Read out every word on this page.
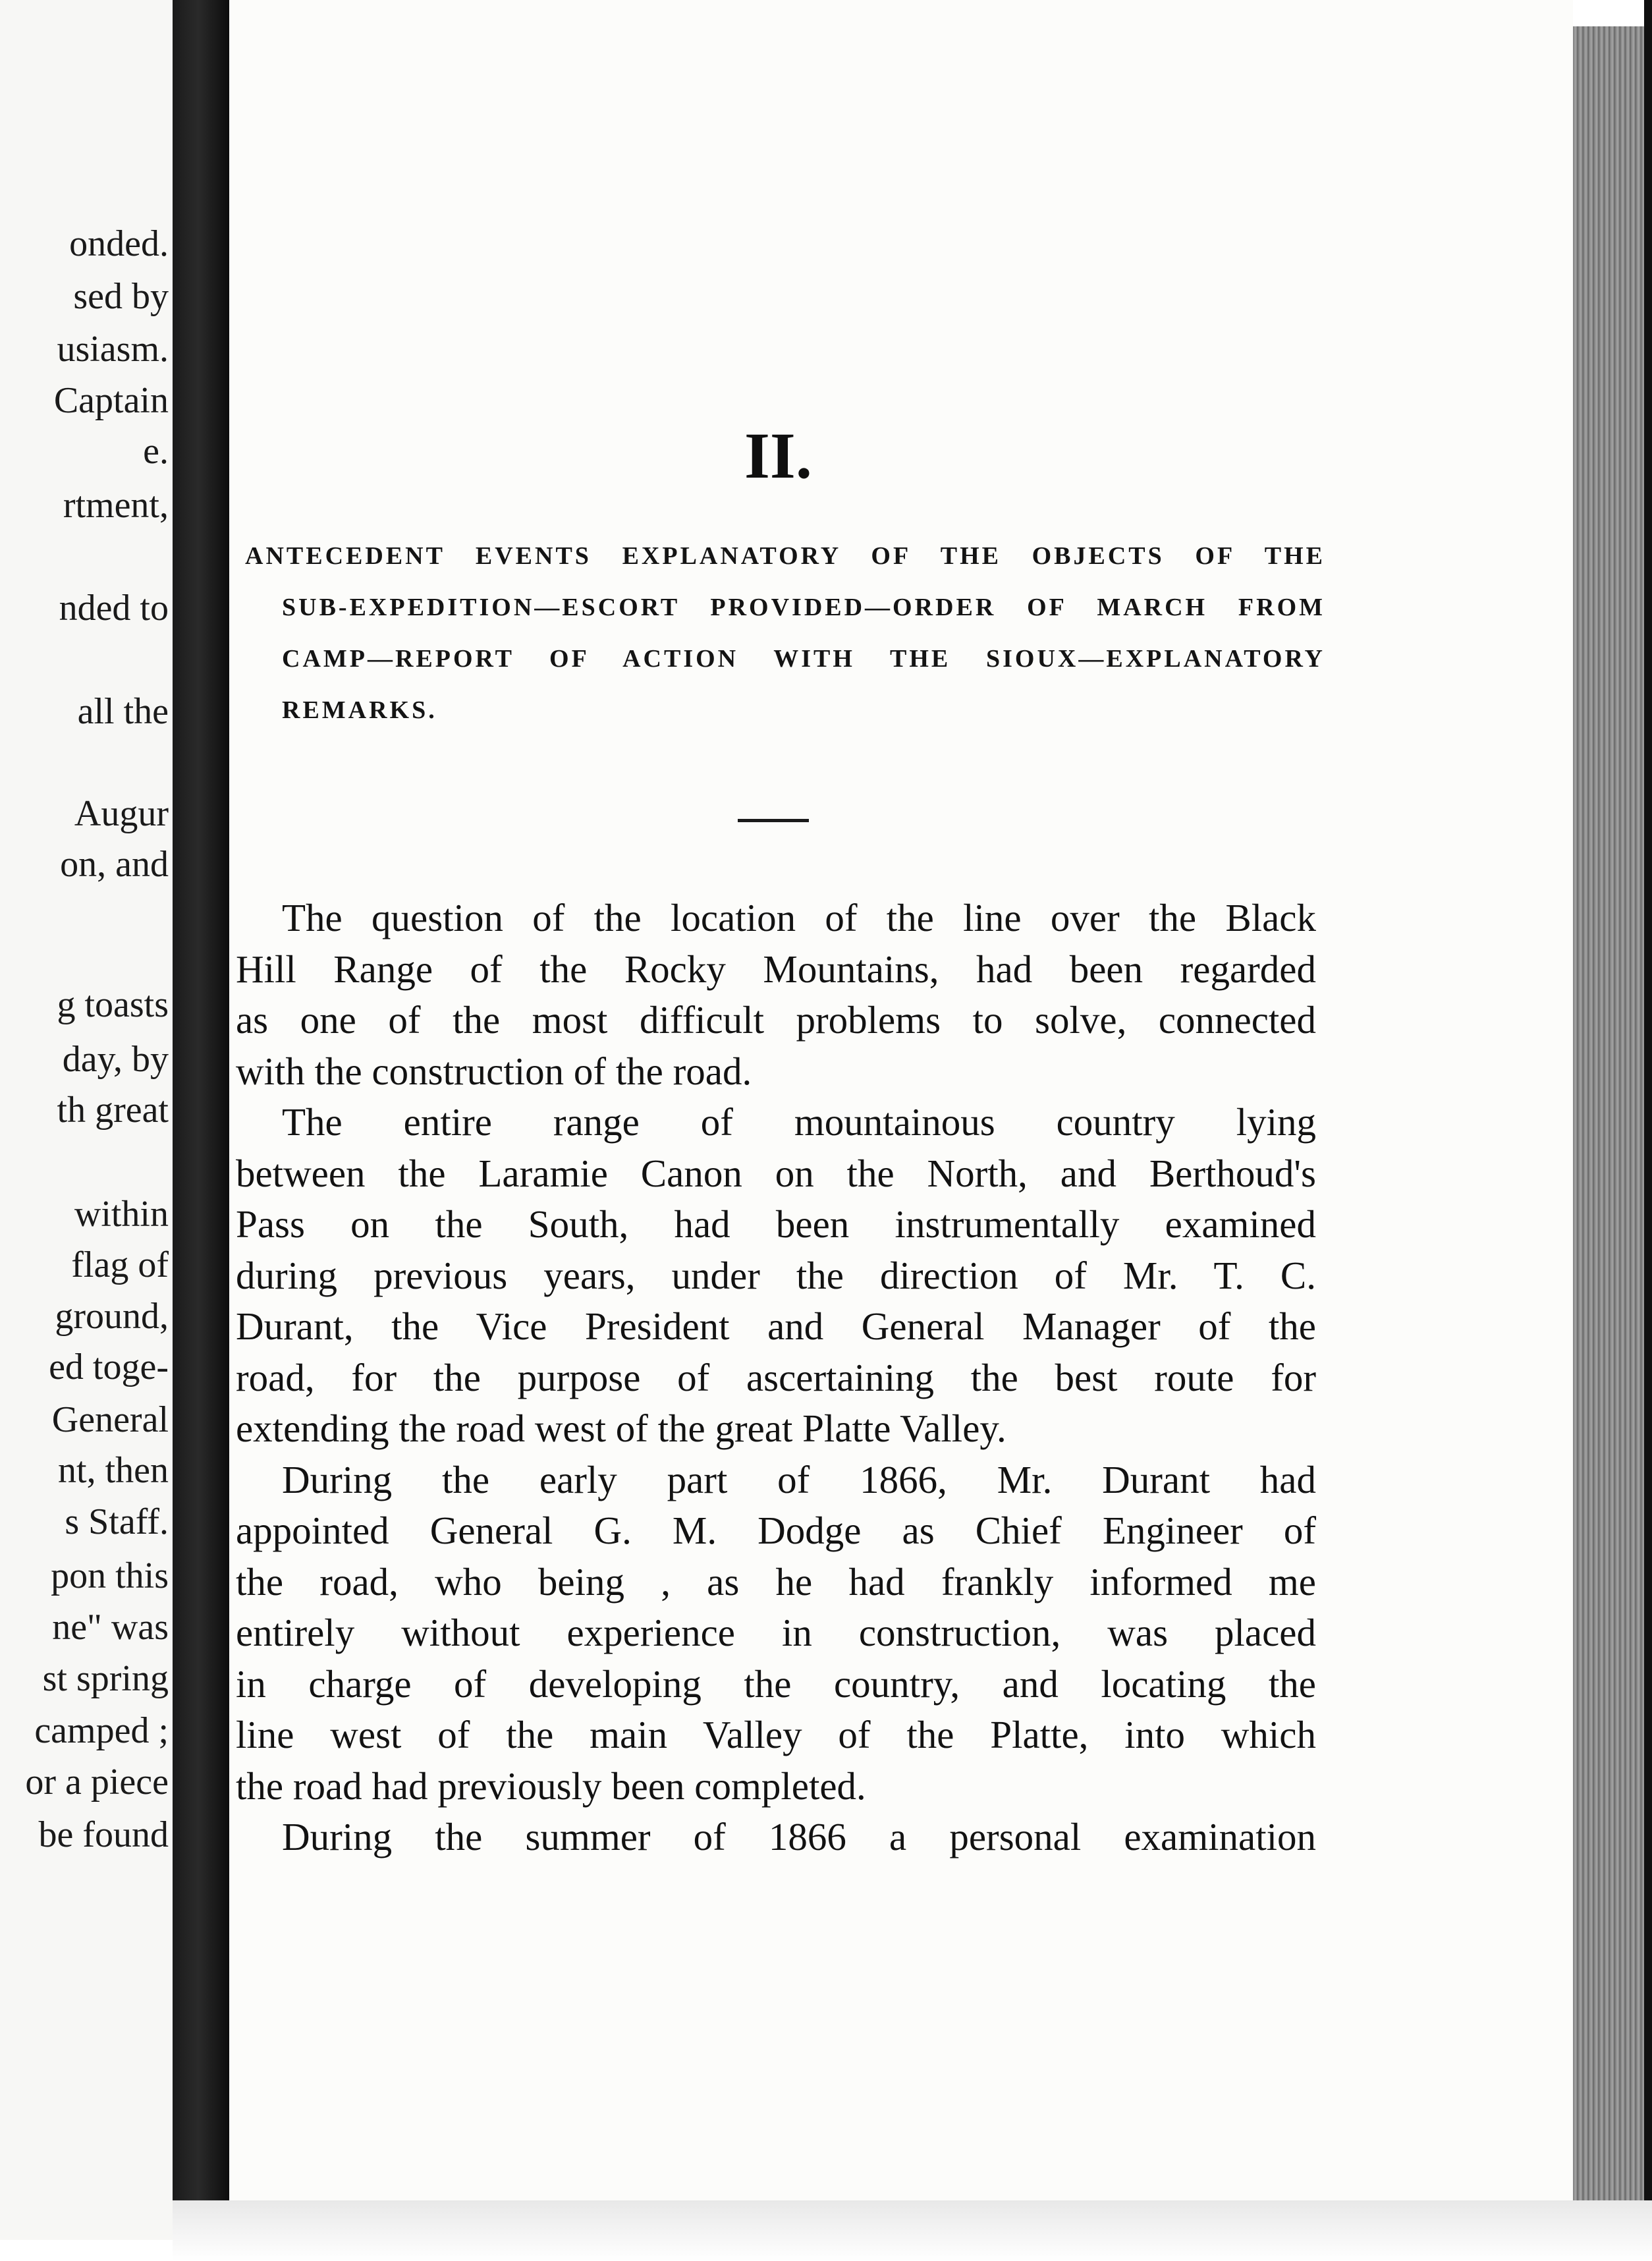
onded.
sed by
usiasm.
Captain
e.
rtment,
nded to
all the
Augur
on, and
g toasts
day, by
th great
within
flag of
ground,
ed toge-
General
nt, then
s Staff.
pon this
ne" was
st spring
camped ;
or a piece
be found
II.
ANTECEDENT EVENTS EXPLANATORY OF THE OBJECTS OF THE
SUB-EXPEDITION—ESCORT PROVIDED—ORDER OF MARCH FROM
CAMP—REPORT OF ACTION WITH THE SIOUX—EXPLANATORY
REMARKS.

The question of the location of the line over the Black
Hill Range of the Rocky Mountains, had been regarded
as one of the most difficult problems to solve, connected
with the construction of the road.

The entire range of mountainous country lying
between the Laramie Canon on the North, and Berthoud's
Pass on the South, had been instrumentally examined
during previous years, under the direction of Mr. T. C.
Durant, the Vice President and General Manager of the
road, for the purpose of ascertaining the best route for
extending the road west of the great Platte Valley.

During the early part of 1866, Mr. Durant had
appointed General G. M. Dodge as Chief Engineer of
the road, who being , as he had frankly informed me
entirely without experience in construction, was placed
in charge of developing the country, and locating the
line west of the main Valley of the Platte, into which
the road had previously been completed.

During the summer of 1866 a personal examination
